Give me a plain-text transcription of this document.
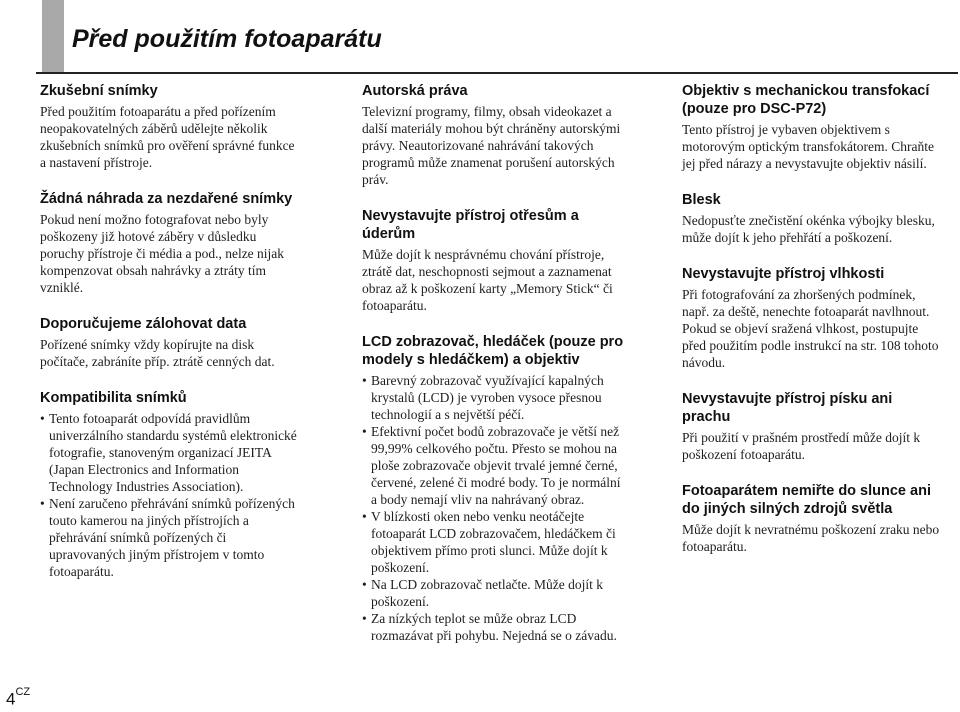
Před použitím fotoaparátu
Zkušební snímky

Před použitím fotoaparátu a před pořízením neopakovatelných záběrů udělejte několik zkušebních snímků pro ověření správné funkce a nastavení přístroje.

Žádná náhrada za nezdařené snímky

Pokud není možno fotografovat nebo byly poškozeny již hotové záběry v důsledku poruchy přístroje či média a pod., nelze nijak kompenzovat obsah nahrávky a ztráty tím vzniklé.

Doporučujeme zálohovat data

Pořízené snímky vždy kopírujte na disk počítače, zabráníte příp. ztrátě cenných dat.

Kompatibilita snímků
• Tento fotoaparát odpovídá pravidlům univerzálního standardu systémů elektronické fotografie, stanoveným organizací JEITA (Japan Electronics and Information Technology Industries Association).
• Není zaručeno přehrávání snímků pořízených touto kamerou na jiných přístrojích a přehrávání snímků pořízených či upravovaných jiným přístrojem v tomto fotoaparátu.
Autorská práva

Televizní programy, filmy, obsah videokazet a další materiály mohou být chráněny autorskými právy. Neautorizované nahrávání takových programů může znamenat porušení autorských práv.

Nevystavujte přístroj otřesům a úderům

Může dojít k nesprávnému chování přístroje, ztrátě dat, neschopnosti sejmout a zaznamenat obraz až k poškození karty „Memory Stick“ či fotoaparátu.

LCD zobrazovač, hledáček (pouze pro modely s hledáčkem) a objektiv
• Barevný zobrazovač využívající kapalných krystalů (LCD) je vyroben vysoce přesnou technologií a s největší péčí.
• Efektivní počet bodů zobrazovače je větší než 99,99% celkového počtu. Přesto se mohou na ploše zobrazovače objevit trvalé jemné černé, červené, zelené či modré body. To je normální a body nemají vliv na nahrávaný obraz.
• V blízkosti oken nebo venku neotáčejte fotoaparát LCD zobrazovačem, hledáčkem či objektivem přímo proti slunci. Může dojít k poškození.
• Na LCD zobrazovač netlačte. Může dojít k poškození.
• Za nízkých teplot se může obraz LCD rozmazávat při pohybu. Nejedná se o závadu.
Objektiv s mechanickou transfokací (pouze pro DSC-P72)

Tento přístroj je vybaven objektivem s motorovým optickým transfokátorem. Chraňte jej před nárazy a nevystavujte objektiv násilí.

Blesk

Nedopusťte znečistění okénka výbojky blesku, může dojít k jeho přehřátí a poškození.

Nevystavujte přístroj vlhkosti

Při fotografování za zhoršených podmínek, např. za deště, nenechte fotoaparát navlhnout. Pokud se objeví sražená vlhkost, postupujte před použitím podle instrukcí na str. 108 tohoto návodu.

Nevystavujte přístroj písku ani prachu

Při použití v prašném prostředí může dojít k poškození fotoaparátu.

Fotoaparátem nemiřte do slunce ani do jiných silných zdrojů světla

Může dojít k nevratnému poškození zraku nebo fotoaparátu.

$4^{CZ}$
